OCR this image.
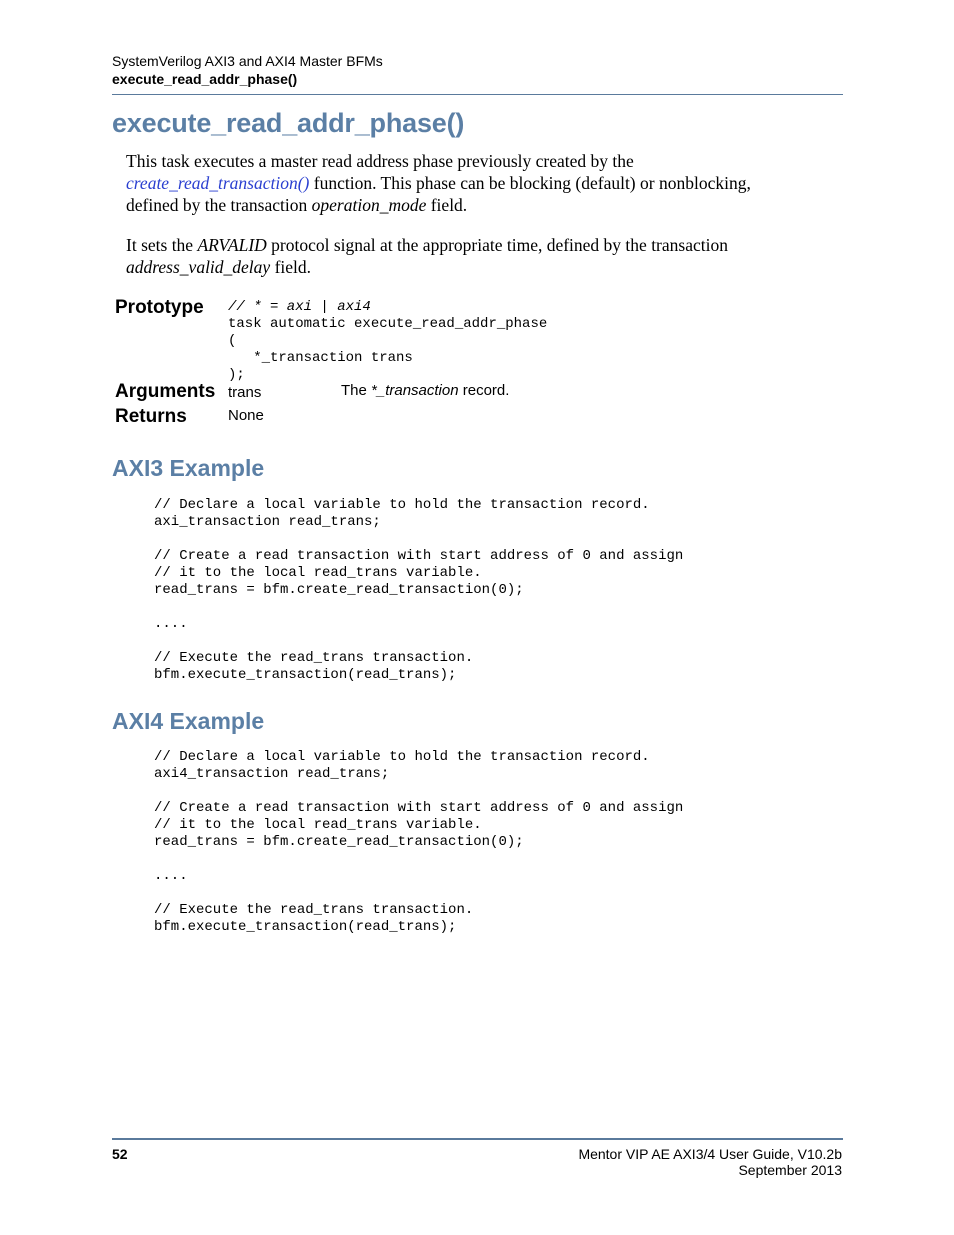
SystemVerilog AXI3 and AXI4 Master BFMs
execute_read_addr_phase()
execute_read_addr_phase()
This task executes a master read address phase previously created by the
create_read_transaction() function. This phase can be blocking (default) or nonblocking,
defined by the transaction operation_mode field.
It sets the ARVALID protocol signal at the appropriate time, defined by the transaction
address_valid_delay field.
Prototype // * = axi | axi4
task automatic execute_read_addr_phase
(
*_transaction trans
);
Arguments trans	The *_transaction record.
Returns	None
AXI3 Example
// Declare a local variable to hold the transaction record.
axi_transaction read_trans;

// Create a read transaction with start address of 0 and assign
// it to the local read_trans variable.
read_trans = bfm.create_read_transaction(0);

....

// Execute the read_trans transaction.
bfm.execute_transaction(read_trans);
AXI4 Example
// Declare a local variable to hold the transaction record.
axi4_transaction read_trans;

// Create a read transaction with start address of 0 and assign
// it to the local read_trans variable.
read_trans = bfm.create_read_transaction(0);

....

// Execute the read_trans transaction.
bfm.execute_transaction(read_trans);
52	Mentor VIP AE AXI3/4 User Guide, V10.2b
September 2013
